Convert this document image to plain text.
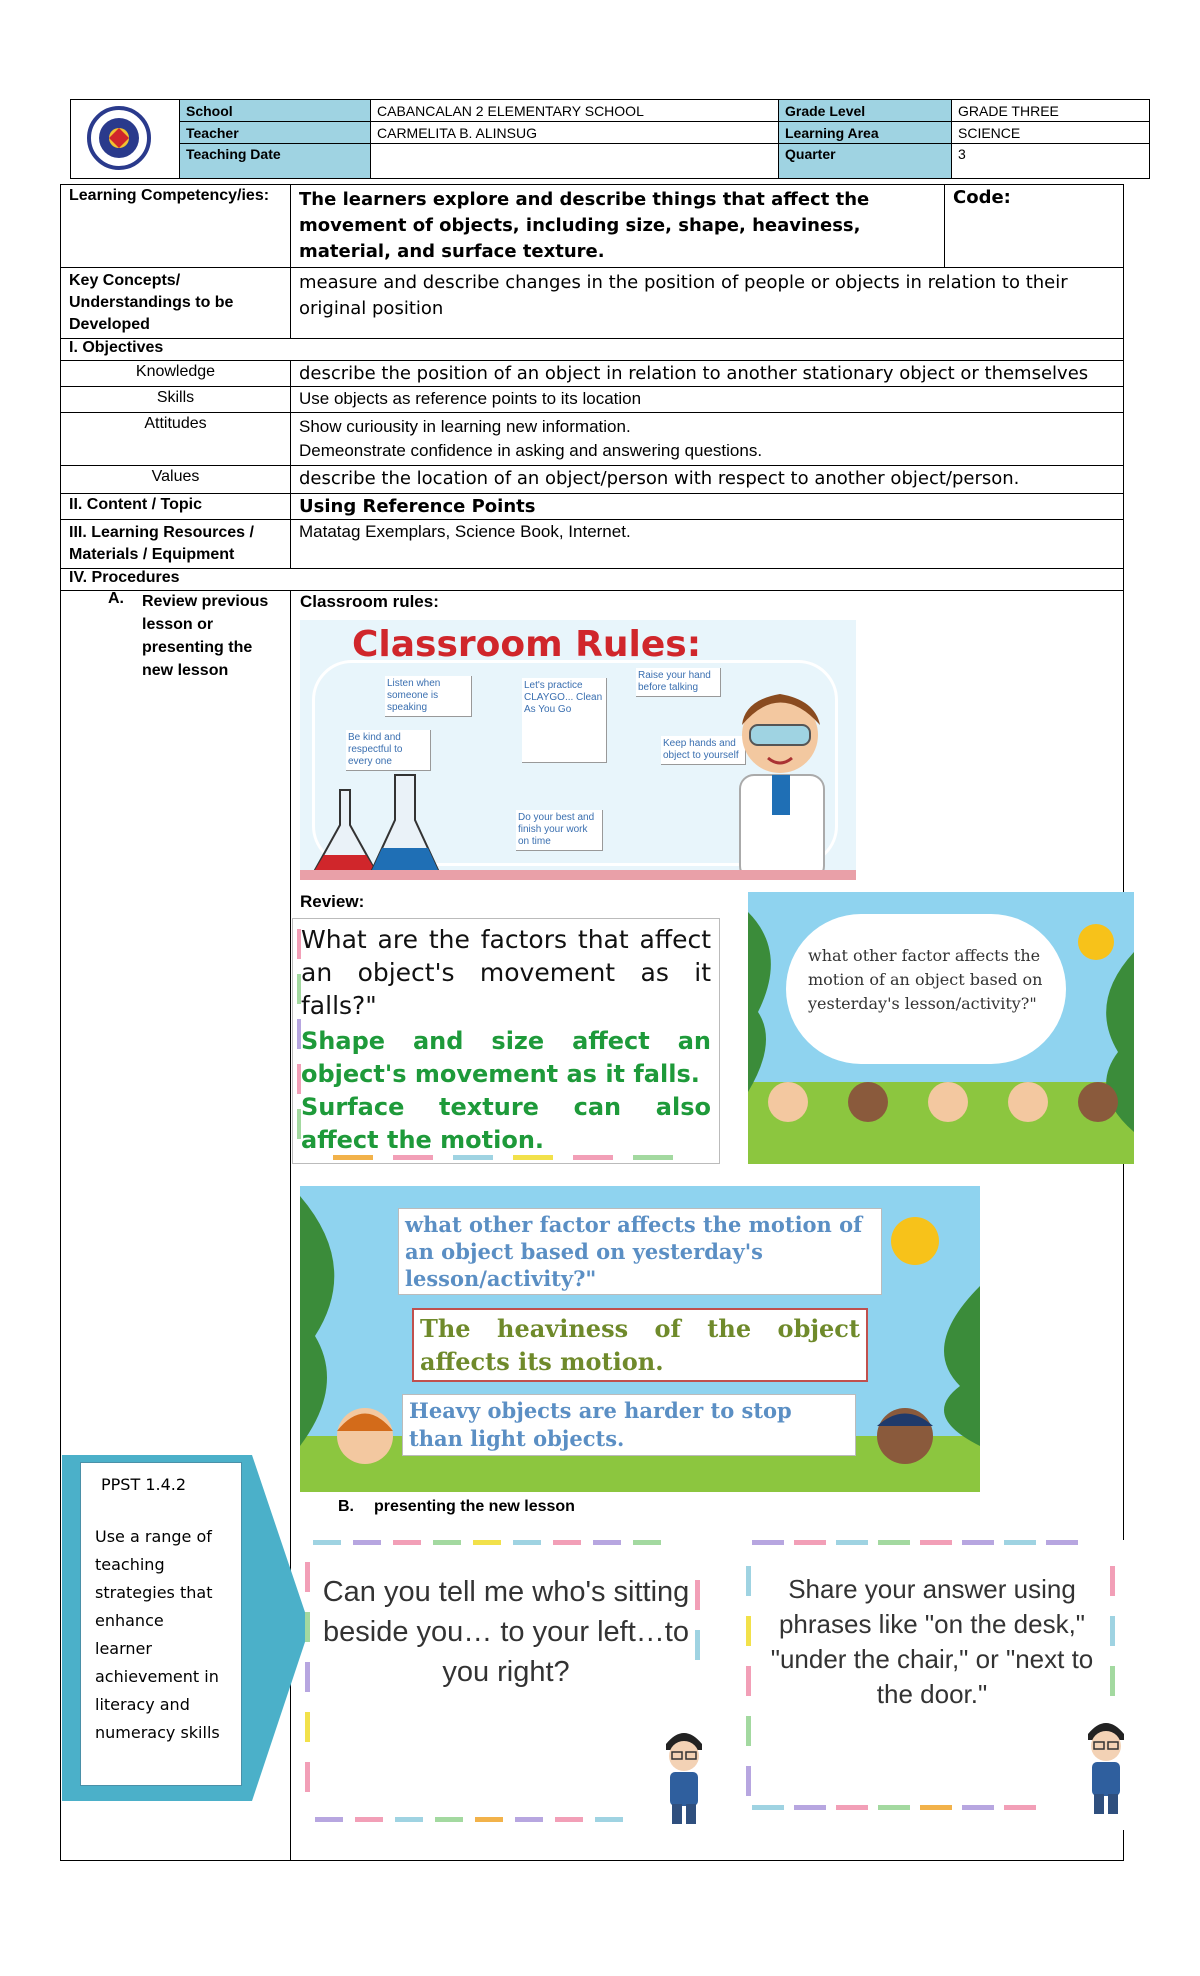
	School	CABANCALAN 2 ELEMENTARY SCHOOL	Grade Level	GRADE THREE
	Teacher	CARMELITA B. ALINSUG	Learning Area	SCIENCE
	Teaching Date		Quarter	3
Learning Competency/ies:	The learners explore and describe things that affect the movement of objects, including size, shape, heaviness, material, and surface texture.	Code:
Key Concepts/ Understandings to be Developed	measure and describe changes in the position of people or objects in relation to their original position	
I. Objectives		
Knowledge	describe the position of an object in relation to another stationary object or themselves	
Skills	Use objects as reference points to its location	
Attitudes	Show curiousity in learning new information.
Demeonstrate confidence in asking and answering questions.	

Values	describe the location of an object/person with respect to another object/person.	
II. Content / Topic	Using Reference Points	
III. Learning Resources / Materials / Equipment	Matatag Exemplars, Science Book, Internet.	
IV. Procedures		

A. Review previous lesson or presenting the new lesson
Classroom rules:
Classroom Rules:
Listen when someone is speaking
Let's practice CLAYGO... Clean As You Go
Raise your hand before talking
Be kind and respectful to every one
Keep hands and object to yourself
Do your best and finish your work on time
Review:
What are the factors that affect an object's movement as it falls?"
Shape and size affect an object's movement as it falls.
Surface texture can also affect the motion.
what other factor affects the motion of an object based on yesterday's lesson/activity?"
what other factor affects the motion of an object based on yesterday's lesson/activity?"
The heaviness of the object affects its motion.
Heavy objects are harder to stop than light objects.
B. presenting the new lesson
PPST 1.4.2
Use a range of teaching strategies that enhance learner achievement in literacy and numeracy skills
Can you tell me who's sitting beside you… to your left…to you right?
Share your answer using phrases like "on the desk," "under the chair," or "next to the door."
